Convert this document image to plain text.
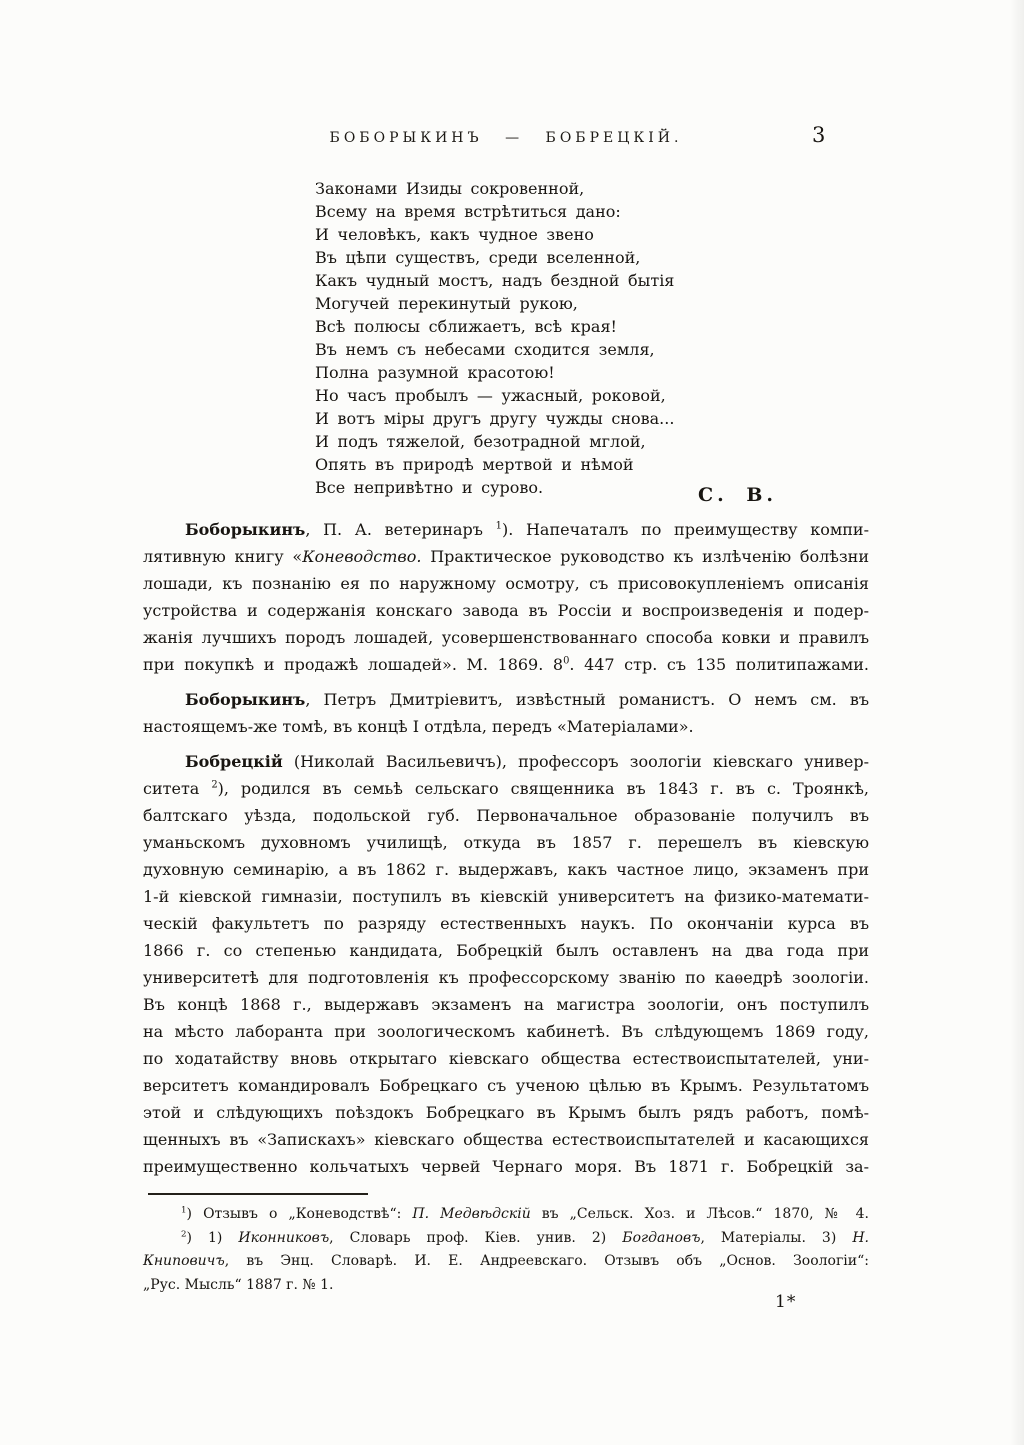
БОБОРЫКИНЪ — БОБРЕЦКІЙ.	3
Законами Изиды сокровенной,
Всему на время встрѣтиться дано:
И человѣкъ, какъ чудное звено
Въ цѣпи существъ, среди вселенной,
Какъ чудный мостъ, надъ бездной бытія
Могучей перекинутый рукою,
Всѣ полюсы сближаетъ, всѣ края!
Въ немъ съ небесами сходится земля,
Полна разумной красотою!
Но часъ пробылъ — ужасный, роковой,
И вотъ міры другъ другу чужды снова...
И подъ тяжелой, безотрадной мглой,
Опять въ природѣ мертвой и нѣмой
Все непривѣтно и сурово.	С. В.
Боборыкинъ, П. А. ветеринаръ $^1$). Напечаталъ по преимуществу компи-
лятивную книгу «Коневодство. Практическое руководство къ излѣченію болѣзни
лошади, къ познанію ея по наружному осмотру, съ присовокупленіемъ описанія
устройства и содержанія конскаго завода въ Россіи и воспроизведенія и подер-
жанія лучшихъ породъ лошадей, усовершенствованнаго способа ковки и правилъ
при покупкѣ и продажѣ лошадей». М. 1869. $8^0$. 447 стр. съ 135 политипажами.
Боборыкинъ, Петръ Дмитріевитъ, извѣстный романистъ. О немъ см. въ
настоящемъ-же томѣ, въ концѣ I отдѣла, передъ «Матеріалами».
Бобрецкій (Николай Васильевичъ), профессоръ зоологіи кіевскаго универ-
ситета $^2$), родился въ семьѣ сельскаго священника въ 1843 г. въ с. Троянкѣ,
балтскаго уѣзда, подольской губ. Первоначальное образованіе получилъ въ
уманьскомъ духовномъ училищѣ, откуда въ 1857 г. перешелъ въ кіевскую
духовную семинарію, а въ 1862 г. выдержавъ, какъ частное лицо, экзаменъ при
1-й кіевской гимназіи, поступилъ въ кіевскій университетъ на физико-математи-
ческій факультетъ по разряду естественныхъ наукъ. По окончаніи курса въ
1866 г. со степенью кандидата, Бобрецкій былъ оставленъ на два года при
университетѣ для подготовленія къ профессорскому званію по каѳедрѣ зоологіи.
Въ концѣ 1868 г., выдержавъ экзаменъ на магистра зоологіи, онъ поступилъ
на мѣсто лаборанта при зоологическомъ кабинетѣ. Въ слѣдующемъ 1869 году,
по ходатайству вновь открытаго кіевскаго общества естествоиспытателей, уни-
верситетъ командировалъ Бобрецкаго съ ученою цѣлью въ Крымъ. Результатомъ
этой и слѣдующихъ поѣздокъ Бобрецкаго въ Крымъ былъ рядъ работъ, помѣ-
щенныхъ въ «Запискахъ» кіевскаго общества естествоиспытателей и касающихся
преимущественно кольчатыхъ червей Чернаго моря. Въ 1871 г. Бобрецкій за-
$^1$) Отзывъ о „Коневодствѣ“: П. Медвѣдскій въ „Сельск. Хоз. и Лѣсов.“ 1870, № 4.
$^2$) 1) Иконниковъ, Словарь проф. Кіев. унив. 2) Богдановъ, Матеріалы. 3) Н.
Книповичъ, въ Энц. Словарѣ. И. Е. Андреевскаго. Отзывъ объ „Основ. Зоологіи“:
„Рус. Мысль“ 1887 г. № 1.
1*
